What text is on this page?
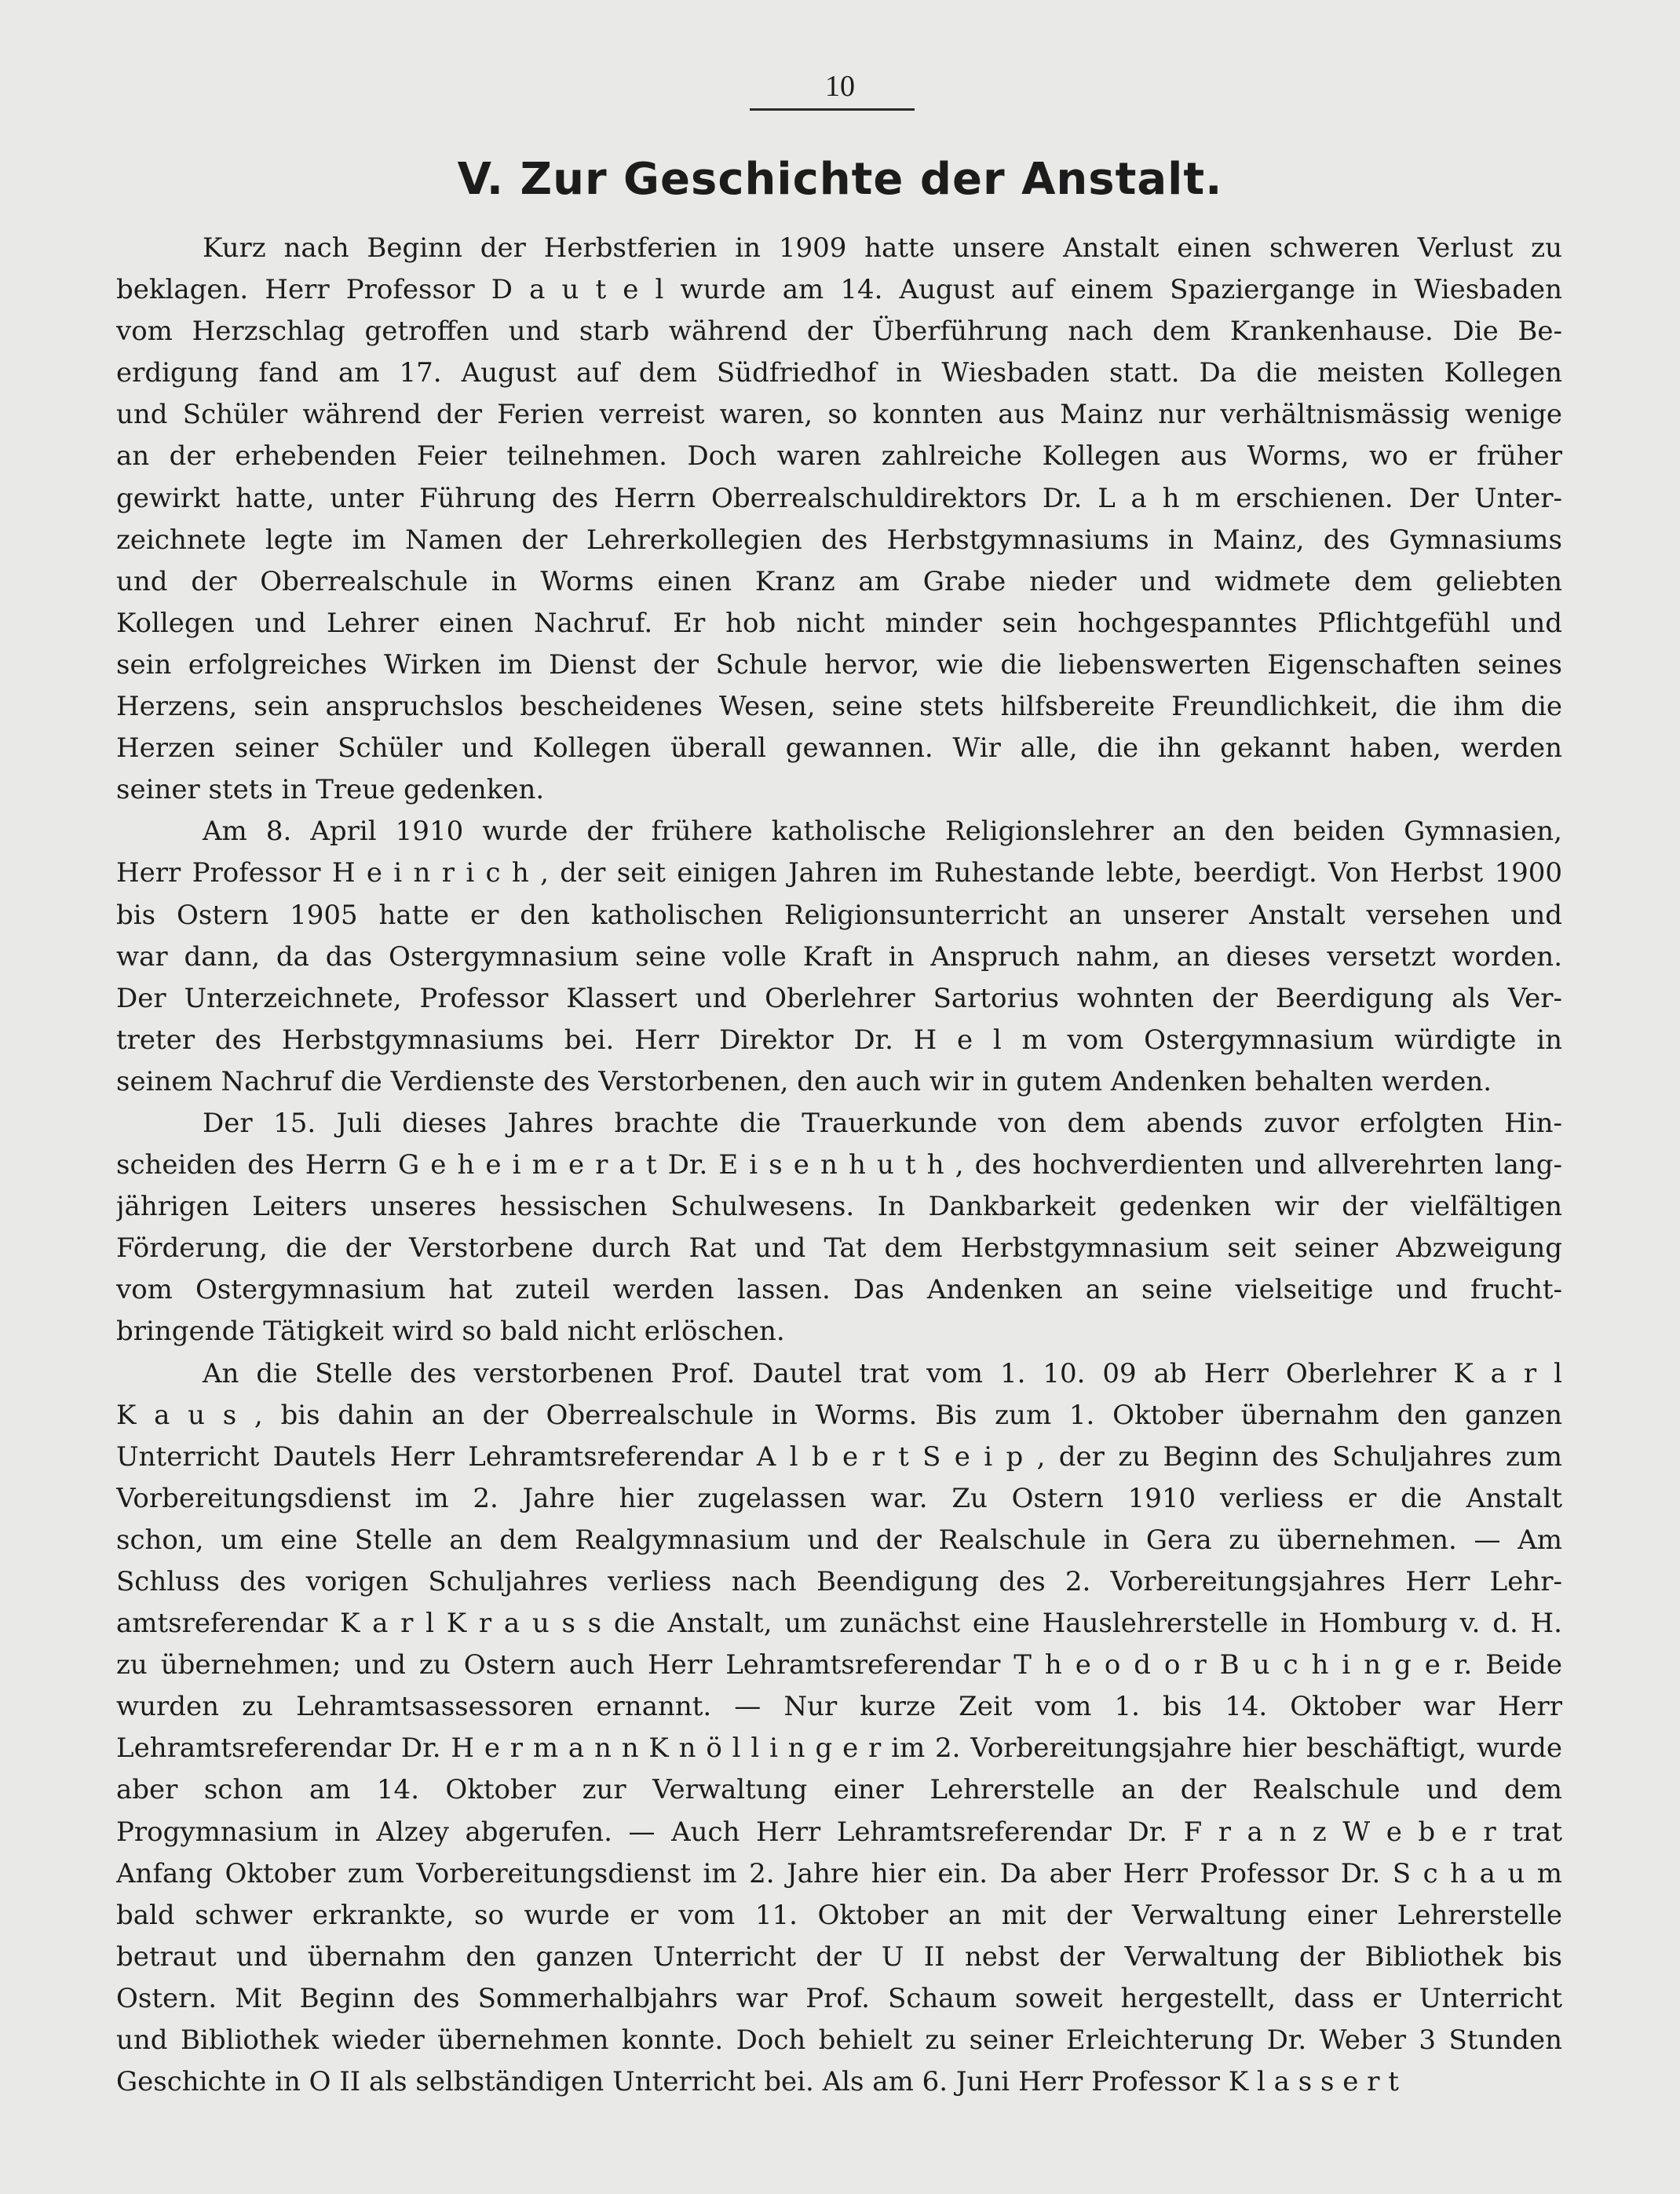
10
V. Zur Geschichte der Anstalt.
Kurz nach Beginn der Herbstferien in 1909 hatte unsere Anstalt einen schweren Verlust zu
beklagen. Herr Professor D a u t e l wurde am 14. August auf einem Spaziergange in Wiesbaden
vom Herzschlag getroffen und starb während der Überführung nach dem Krankenhause. Die Be-
erdigung fand am 17. August auf dem Südfriedhof in Wiesbaden statt. Da die meisten Kollegen
und Schüler während der Ferien verreist waren, so konnten aus Mainz nur verhältnismässig wenige
an der erhebenden Feier teilnehmen. Doch waren zahlreiche Kollegen aus Worms, wo er früher
gewirkt hatte, unter Führung des Herrn Oberrealschuldirektors Dr. L a h m erschienen. Der Unter-
zeichnete legte im Namen der Lehrerkollegien des Herbstgymnasiums in Mainz, des Gymnasiums
und der Oberrealschule in Worms einen Kranz am Grabe nieder und widmete dem geliebten
Kollegen und Lehrer einen Nachruf. Er hob nicht minder sein hochgespanntes Pflichtgefühl und
sein erfolgreiches Wirken im Dienst der Schule hervor, wie die liebenswerten Eigenschaften seines
Herzens, sein anspruchslos bescheidenes Wesen, seine stets hilfsbereite Freundlichkeit, die ihm die
Herzen seiner Schüler und Kollegen überall gewannen. Wir alle, die ihn gekannt haben, werden
seiner stets in Treue gedenken.
Am 8. April 1910 wurde der frühere katholische Religionslehrer an den beiden Gymnasien,
Herr Professor H e i n r i c h , der seit einigen Jahren im Ruhestande lebte, beerdigt. Von Herbst 1900
bis Ostern 1905 hatte er den katholischen Religionsunterricht an unserer Anstalt versehen und
war dann, da das Ostergymnasium seine volle Kraft in Anspruch nahm, an dieses versetzt worden.
Der Unterzeichnete, Professor Klassert und Oberlehrer Sartorius wohnten der Beerdigung als Ver-
treter des Herbstgymnasiums bei. Herr Direktor Dr. H e l m vom Ostergymnasium würdigte in
seinem Nachruf die Verdienste des Verstorbenen, den auch wir in gutem Andenken behalten werden.
Der 15. Juli dieses Jahres brachte die Trauerkunde von dem abends zuvor erfolgten Hin-
scheiden des Herrn G e h e i m e r a t Dr. E i s e n h u t h , des hochverdienten und allverehrten lang-
jährigen Leiters unseres hessischen Schulwesens. In Dankbarkeit gedenken wir der vielfältigen
Förderung, die der Verstorbene durch Rat und Tat dem Herbstgymnasium seit seiner Abzweigung
vom Ostergymnasium hat zuteil werden lassen. Das Andenken an seine vielseitige und frucht-
bringende Tätigkeit wird so bald nicht erlöschen.
An die Stelle des verstorbenen Prof. Dautel trat vom 1. 10. 09 ab Herr Oberlehrer K a r l
K a u s , bis dahin an der Oberrealschule in Worms. Bis zum 1. Oktober übernahm den ganzen
Unterricht Dautels Herr Lehramtsreferendar A l b e r t S e i p , der zu Beginn des Schuljahres zum
Vorbereitungsdienst im 2. Jahre hier zugelassen war. Zu Ostern 1910 verliess er die Anstalt
schon, um eine Stelle an dem Realgymnasium und der Realschule in Gera zu übernehmen. — Am
Schluss des vorigen Schuljahres verliess nach Beendigung des 2. Vorbereitungsjahres Herr Lehr-
amtsreferendar K a r l K r a u s s die Anstalt, um zunächst eine Hauslehrerstelle in Homburg v. d. H.
zu übernehmen; und zu Ostern auch Herr Lehramtsreferendar T h e o d o r B u c h i n g e r. Beide
wurden zu Lehramtsassessoren ernannt. — Nur kurze Zeit vom 1. bis 14. Oktober war Herr
Lehramtsreferendar Dr. H e r m a n n K n ö l l i n g e r im 2. Vorbereitungsjahre hier beschäftigt, wurde
aber schon am 14. Oktober zur Verwaltung einer Lehrerstelle an der Realschule und dem
Progymnasium in Alzey abgerufen. — Auch Herr Lehramtsreferendar Dr. F r a n z W e b e r trat
Anfang Oktober zum Vorbereitungsdienst im 2. Jahre hier ein. Da aber Herr Professor Dr. S c h a u m
bald schwer erkrankte, so wurde er vom 11. Oktober an mit der Verwaltung einer Lehrerstelle
betraut und übernahm den ganzen Unterricht der U II nebst der Verwaltung der Bibliothek bis
Ostern. Mit Beginn des Sommerhalbjahrs war Prof. Schaum soweit hergestellt, dass er Unterricht
und Bibliothek wieder übernehmen konnte. Doch behielt zu seiner Erleichterung Dr. Weber 3 Stunden
Geschichte in O II als selbständigen Unterricht bei. Als am 6. Juni Herr Professor K l a s s e r t
